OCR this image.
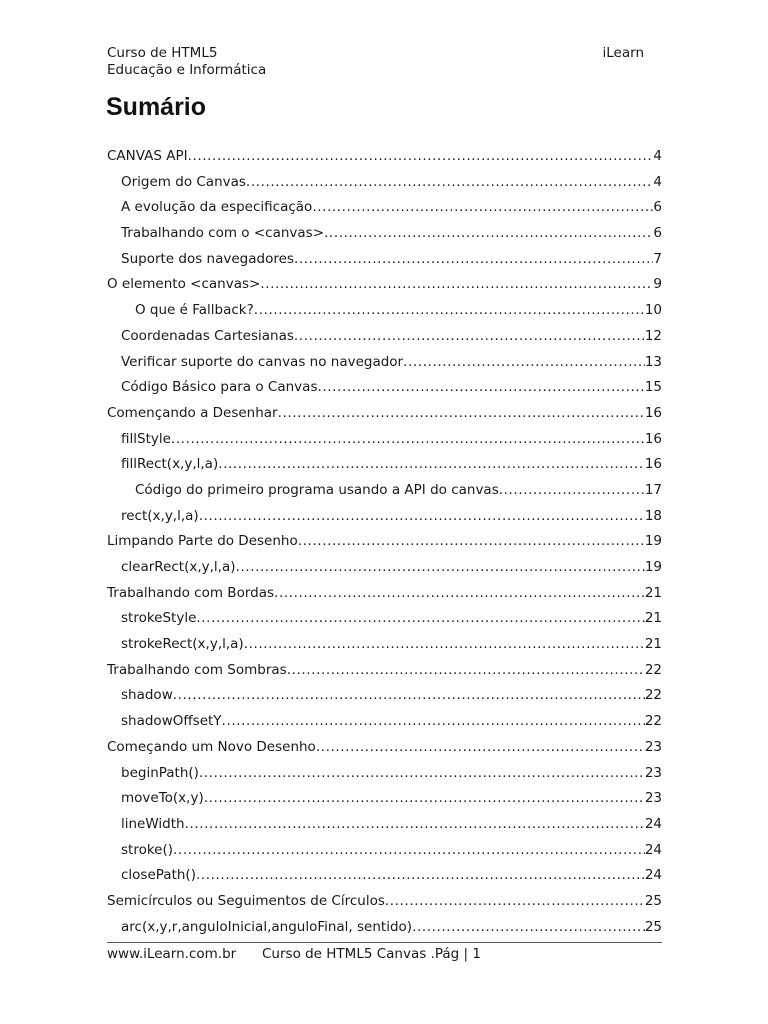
Curso de HTML5
Educação e Informática
iLearn
Sumário
CANVAS API .....	4
Origem do Canvas .....	4
A evolução da especificação .....	6
Trabalhando com o <canvas> .....	6
Suporte dos navegadores .....	7
O elemento <canvas> .....	9
O que é Fallback? .....	10
Coordenadas Cartesianas .....	12
Verificar suporte do canvas no navegador .....	13
Código Básico para o Canvas .....	15
Començando a Desenhar .....	16
fillStyle .....	16
fillRect(x,y,l,a) .....	16
Código do primeiro programa usando a API do canvas .....	17
rect(x,y,l,a) .....	18
Limpando Parte do Desenho .....	19
clearRect(x,y,l,a) .....	19
Trabalhando com Bordas .....	21
strokeStyle .....	21
strokeRect(x,y,l,a) .....	21
Trabalhando com Sombras .....	22
shadow .....	22
shadowOffsetY .....	22
Começando um Novo Desenho .....	23
beginPath() .....	23
moveTo(x,y) .....	23
lineWidth .....	24
stroke() .....	24
closePath() .....	24
Semicírculos ou Seguimentos de Círculos .....	25
arc(x,y,r,anguloInicial,anguloFinal, sentido) .....	25
www.iLearn.com.br Curso de HTML5 Canvas .Pág | 1
